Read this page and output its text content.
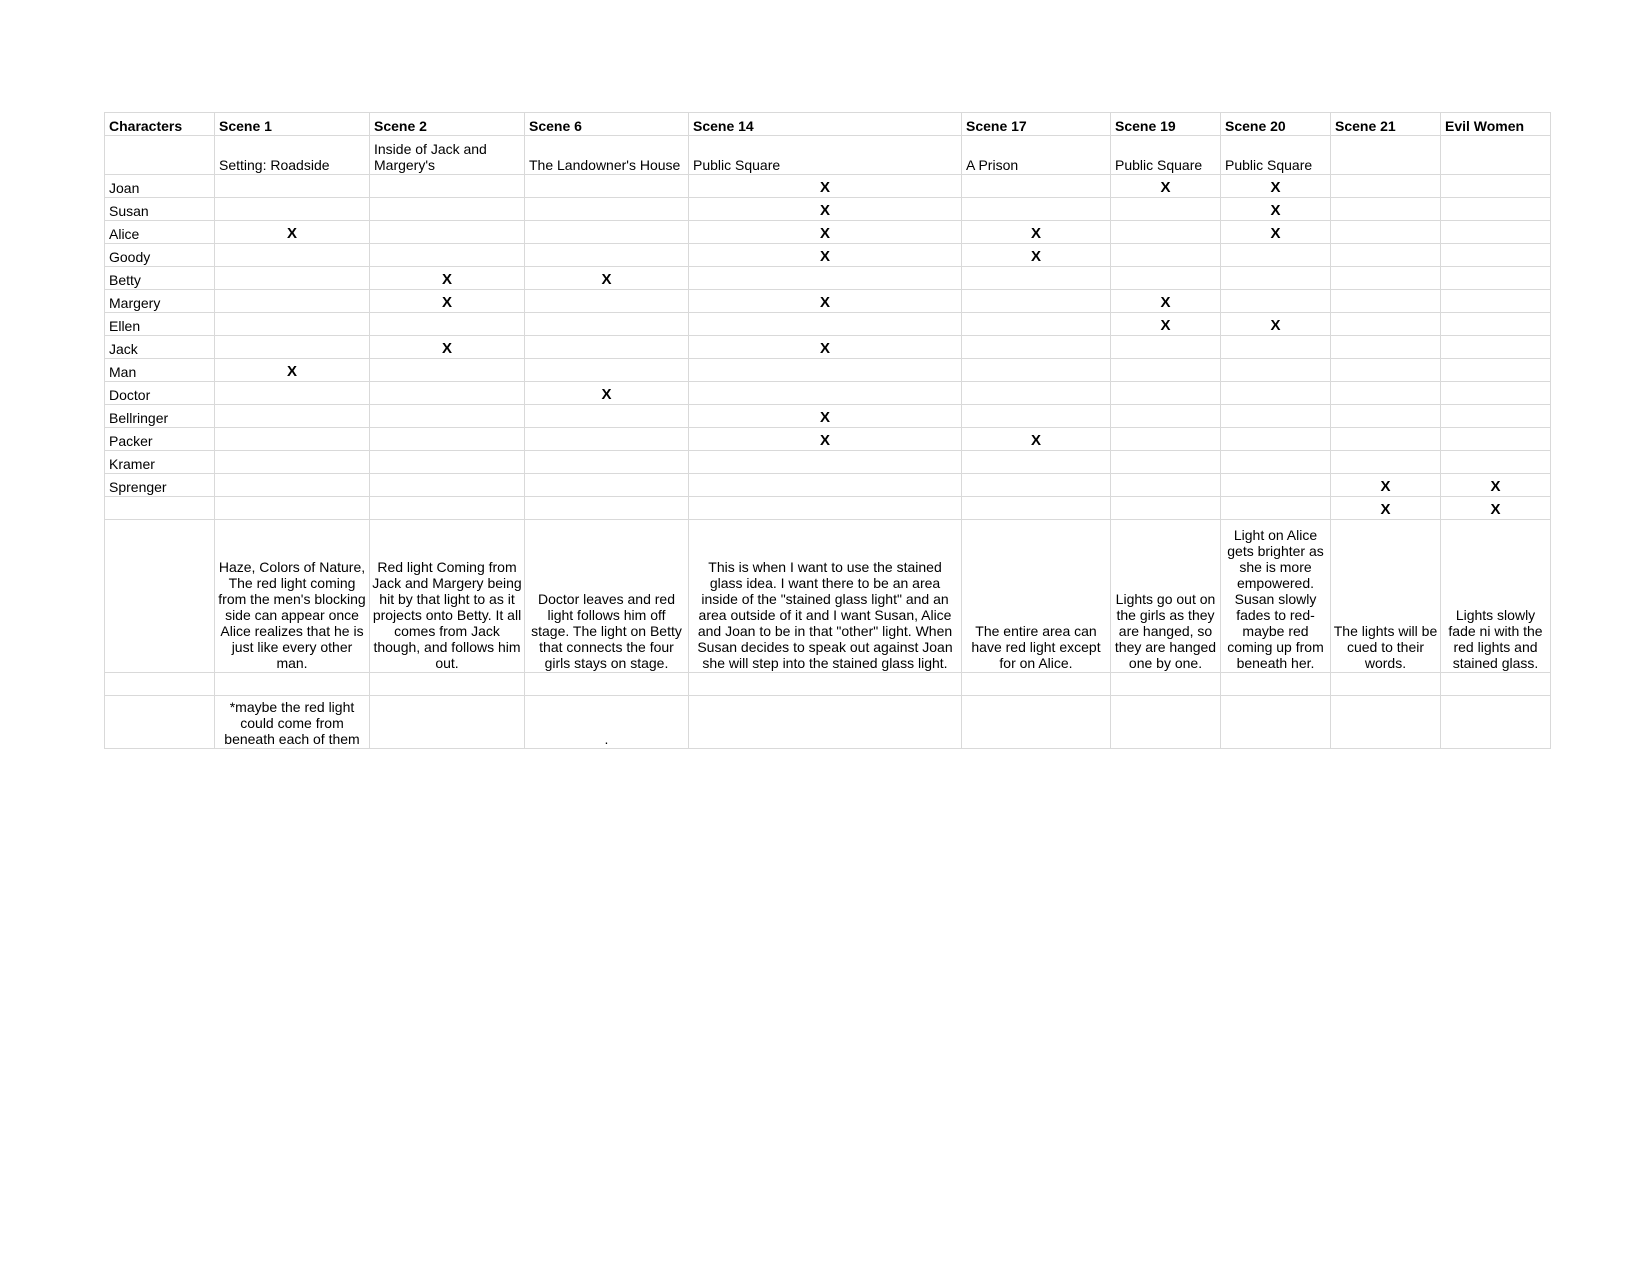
Characters	Scene 1	Scene 2	Scene 6	Scene 14	Scene 17	Scene 19	Scene 20	Scene 21	Evil Women
	Setting: Roadside	Inside of Jack and Margery's	The Landowner's House	Public Square	A Prison	Public Square	Public Square		
Joan				X		X	X		
Susan				X			X		
Alice	X			X	X		X		
Goody				X	X				
Betty		X	X						
Margery		X		X		X			
Ellen						X	X		
Jack		X		X					
Man	X								
Doctor			X						
Bellringer				X					
Packer				X	X				
Kramer									
Sprenger								X	X
								X	X
	Haze, Colors of Nature, The red light coming from the men's blocking side can appear once Alice realizes that he is just like every other man.	Red light Coming from Jack and Margery being hit by that light to as it projects onto Betty. It all comes from Jack though, and follows him out.	Doctor leaves and red light follows him off stage. The light on Betty that connects the four girls stays on stage.	This is when I want to use the stained glass idea. I want there to be an area inside of the "stained glass light" and an area outside of it and I want Susan, Alice and Joan to be in that "other" light. When Susan decides to speak out against Joan she will step into the stained glass light.	The entire area can have red light except for on Alice.	Lights go out on the girls as they are hanged, so they are hanged one by one.	Light on Alice gets brighter as she is more empowered. Susan slowly fades to red- maybe red coming up from beneath her.	The lights will be cued to their words.	Lights slowly fade ni with the red lights and stained glass.

	*maybe the red light could come from beneath each of them		.						
